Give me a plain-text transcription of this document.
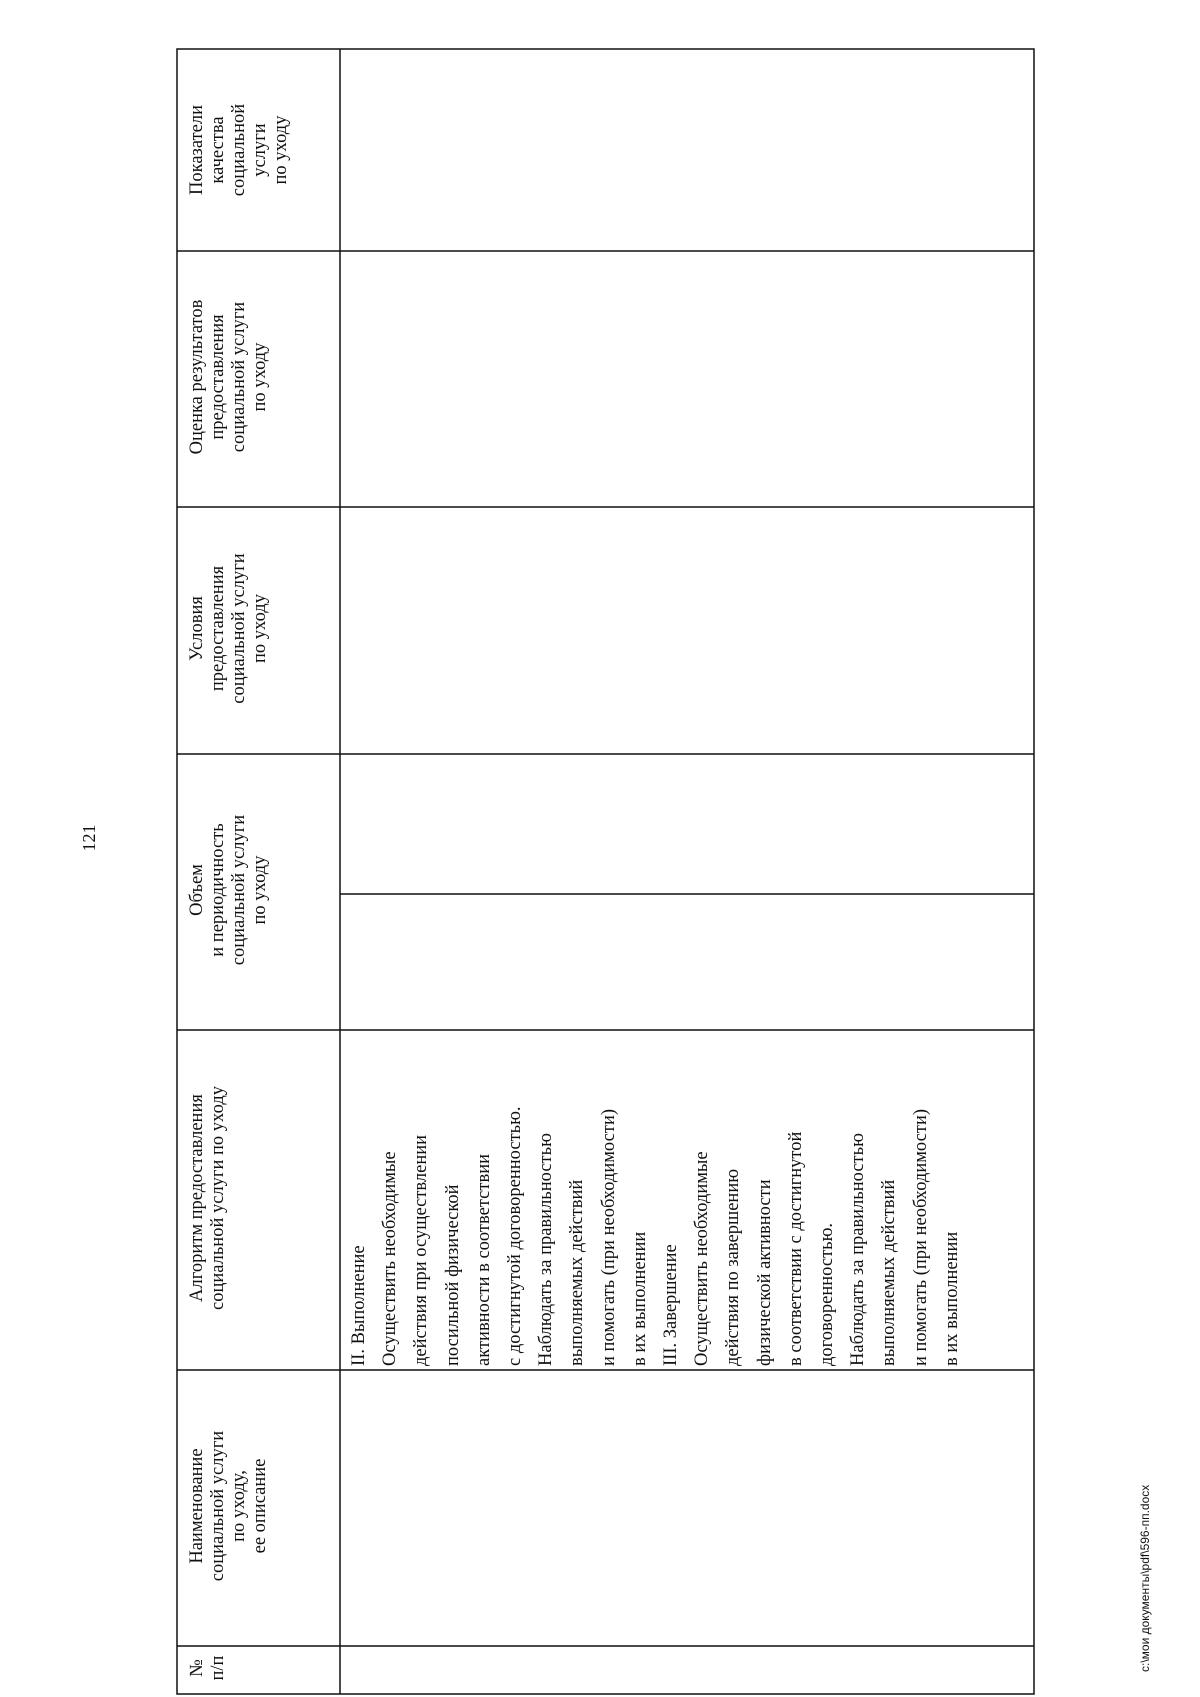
121
c:\мои документы\pdf\596-пп.docx
№ п/п
Наименование социальной услуги по уходу, ее описание
Алгоритм предоставления социальной услуги по уходу
Объем и периодичность социальной услуги по уходу
Условия предоставления социальной услуги по уходу
Оценка результатов предоставления социальной услуги по уходу
Показатели качества социальной услуги по уходу
II. Выполнение Осуществить необходимые действия при осуществлении посильной физической активности в соответствии с достигнутой договоренностью. Наблюдать за правильностью выполняемых действий и помогать (при необходимости) в их выполнении III. Завершение Осуществить необходимые действия по завершению физической активности в соответствии с достигнутой договоренностью. Наблюдать за правильностью выполняемых действий и помогать (при необходимости) в их выполнении
